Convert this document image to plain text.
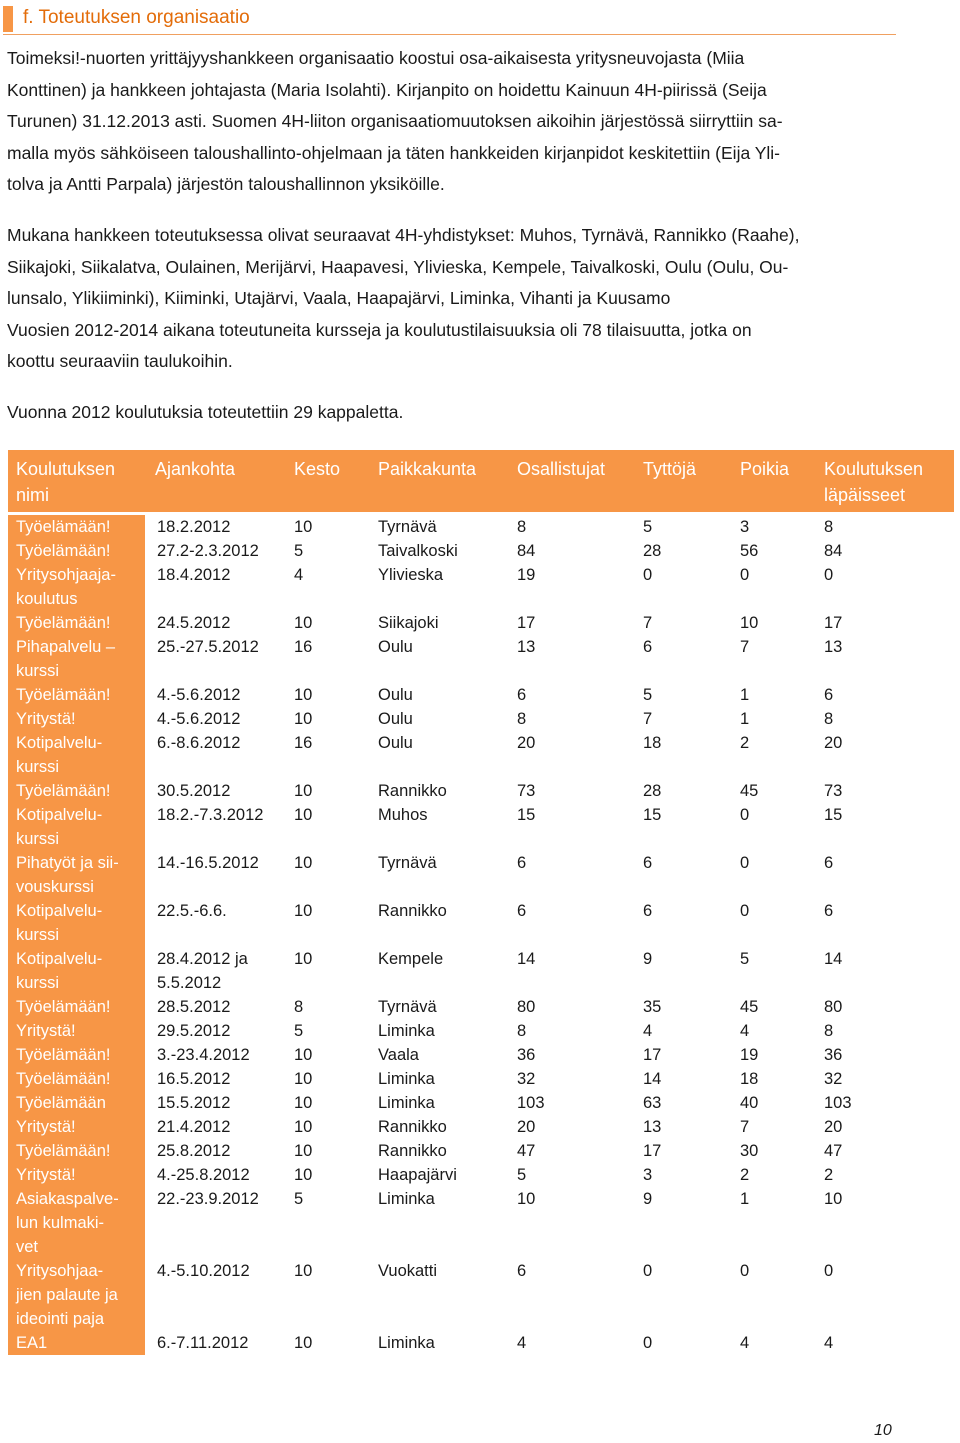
f. Toteutuksen organisaatio

Toimeksi!-nuorten yrittäjyyshankkeen organisaatio koostui osa-aikaisesta yritysneuvojasta (Miia
Konttinen) ja hankkeen johtajasta (Maria Isolahti). Kirjanpito on hoidettu Kainuun 4H-piirissä (Seija
Turunen) 31.12.2013 asti. Suomen 4H-liiton organisaatiomuutoksen aikoihin järjestössä siirryttiin sa-
malla myös sähköiseen taloushallinto-ohjelmaan ja täten hankkeiden kirjanpidot keskitettiin (Eija Yli-
tolva ja Antti Parpala) järjestön taloushallinnon yksiköille.

Mukana hankkeen toteutuksessa olivat seuraavat 4H-yhdistykset: Muhos, Tyrnävä, Rannikko (Raahe),
Siikajoki, Siikalatva, Oulainen, Merijärvi, Haapavesi, Ylivieska, Kempele, Taivalkoski, Oulu (Oulu, Ou-
lunsalo, Ylikiiminki), Kiiminki, Utajärvi, Vaala, Haapajärvi, Liminka, Vihanti ja Kuusamo
Vuosien 2012-2014 aikana toteutuneita kursseja ja koulutustilaisuuksia oli 78 tilaisuutta, jotka on
koottu seuraaviin taulukoihin.

Vuonna 2012 koulutuksia toteutettiin 29 kappaletta.

Koulutuksen
nimi	Ajankohta	Kesto	Paikkakunta	Osallistujat	Tyttöjä	Poikia	Koulutuksen
läpäisseet
Työelämään!	18.2.2012	10	Tyrnävä	8	5	3	8
Työelämään!	27.2-2.3.2012	5	Taivalkoski	84	28	56	84
Yritysohjaaja-
koulutus	18.4.2012	4	Ylivieska	19	0	0	0
Työelämään!	24.5.2012	10	Siikajoki	17	7	10	17
Pihapalvelu –
kurssi	25.-27.5.2012	16	Oulu	13	6	7	13
Työelämään!	4.-5.6.2012	10	Oulu	6	5	1	6
Yritystä!	4.-5.6.2012	10	Oulu	8	7	1	8
Kotipalvelu-
kurssi	6.-8.6.2012	16	Oulu	20	18	2	20
Työelämään!	30.5.2012	10	Rannikko	73	28	45	73
Kotipalvelu-
kurssi	18.2.-7.3.2012	10	Muhos	15	15	0	15
Pihatyöt ja sii-
vouskurssi	14.-16.5.2012	10	Tyrnävä	6	6	0	6
Kotipalvelu-
kurssi	22.5.-6.6.	10	Rannikko	6	6	0	6
Kotipalvelu-
kurssi	28.4.2012 ja
5.5.2012	10	Kempele	14	9	5	14
Työelämään!	28.5.2012	8	Tyrnävä	80	35	45	80
Yritystä!	29.5.2012	5	Liminka	8	4	4	8
Työelämään!	3.-23.4.2012	10	Vaala	36	17	19	36
Työelämään!	16.5.2012	10	Liminka	32	14	18	32
Työelämään	15.5.2012	10	Liminka	103	63	40	103
Yritystä!	21.4.2012	10	Rannikko	20	13	7	20
Työelämään!	25.8.2012	10	Rannikko	47	17	30	47
Yritystä!	4.-25.8.2012	10	Haapajärvi	5	3	2	2
Asiakaspalve-
lun kulmaki-
vet	22.-23.9.2012	5	Liminka	10	9	1	10
Yritysohjaa-
jien palaute ja
ideointi paja	4.-5.10.2012	10	Vuokatti	6	0	0	0
EA1	6.-7.11.2012	10	Liminka	4	0	4	4
10
